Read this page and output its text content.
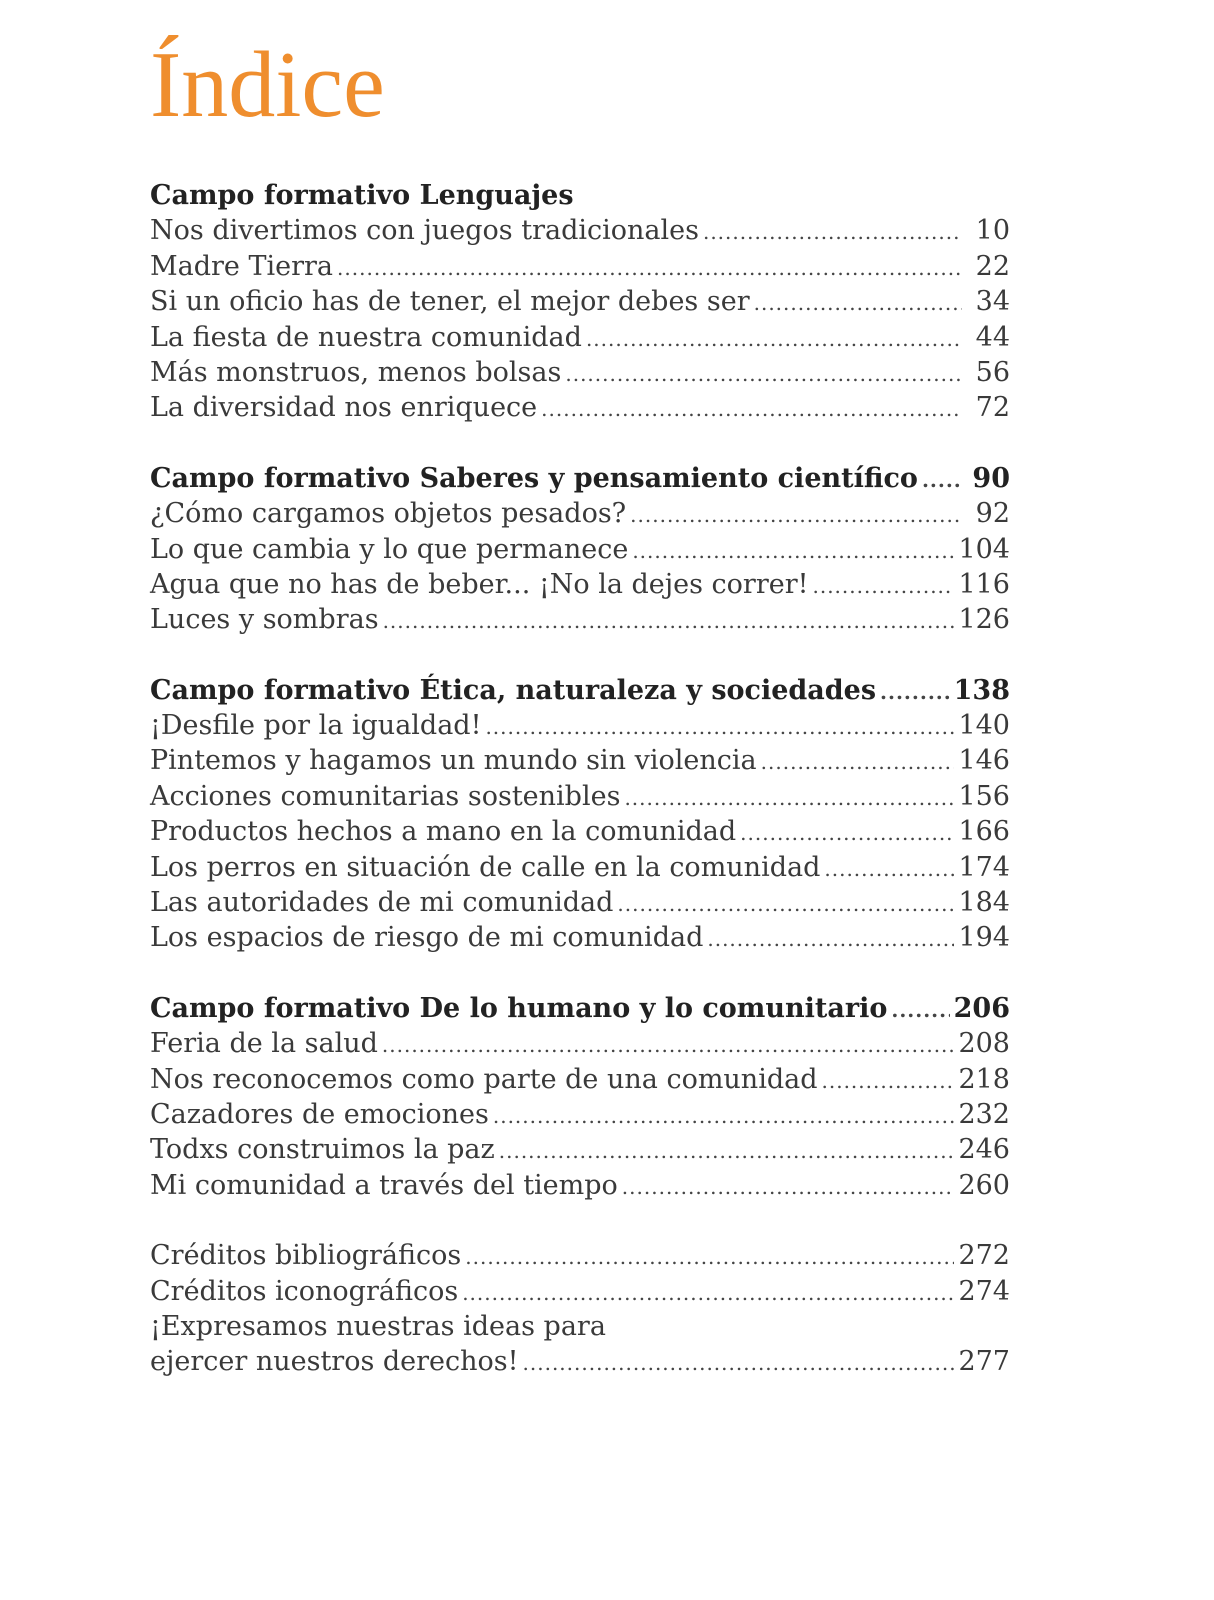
Índice
Campo formativo Lenguajes
Nos divertimos con juegos tradicionales .....	10
Madre Tierra .....	22
Si un oficio has de tener, el mejor debes ser .....	34
La fiesta de nuestra comunidad .....	44
Más monstruos, menos bolsas .....	56
La diversidad nos enriquece .....	72
Campo formativo Saberes y pensamiento científico ..... 90
¿Cómo cargamos objetos pesados? .....	92
Lo que cambia y lo que permanece .....	104
Agua que no has de beber... ¡No la dejes correr! .....	116
Luces y sombras .....	126
Campo formativo Ética, naturaleza y sociedades .....	138
¡Desfile por la igualdad! .....	140
Pintemos y hagamos un mundo sin violencia .....	146
Acciones comunitarias sostenibles .....	156
Productos hechos a mano en la comunidad .....	166
Los perros en situación de calle en la comunidad .....	174
Las autoridades de mi comunidad .....	184
Los espacios de riesgo de mi comunidad .....	194
Campo formativo De lo humano y lo comunitario ..... 206
Feria de la salud .....	208
Nos reconocemos como parte de una comunidad .....	218
Cazadores de emociones .....	232
Todxs construimos la paz .....	246
Mi comunidad a través del tiempo .....	260
Créditos bibliográficos .....	272
Créditos iconográficos .....	274
¡Expresamos nuestras ideas para
ejercer nuestros derechos! .....	277
